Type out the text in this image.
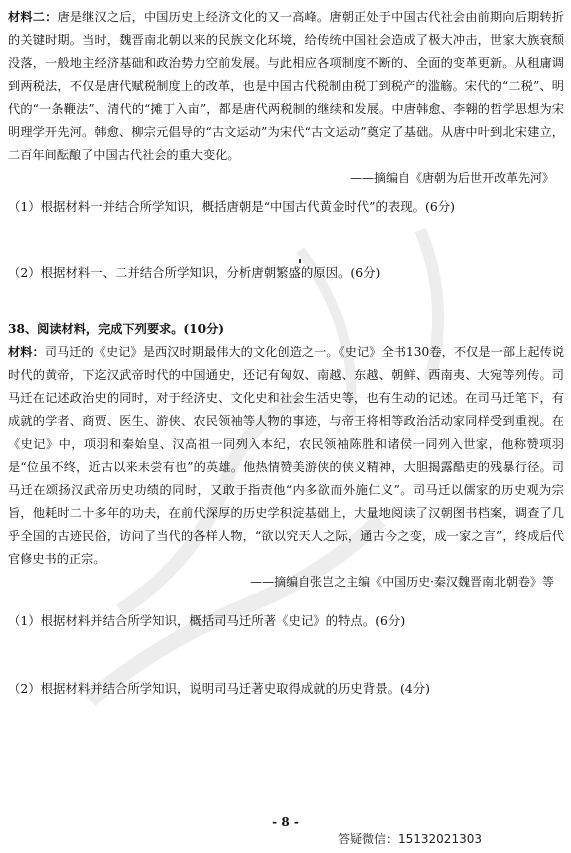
材料二：唐是继汉之后，中国历史上经济文化的又一高峰。唐朝正处于中国古代社会由前期向后期转折的关键时期。当时，魏晋南北朝以来的民族文化环境，给传统中国社会造成了极大冲击，世家大族衰颓没落，一般地主经济基础和政治势力空前发展。与此相应各项制度不断的、全面的变革更新。从租庸调到两税法，不仅是唐代赋税制度上的改革，也是中国古代税制由税丁到税产的滥觞。宋代的“二税”、明代的“一条鞭法”、清代的“摊丁入亩”，都是唐代两税制的继续和发展。中唐韩愈、李翱的哲学思想为宋明理学开先河。韩愈、柳宗元倡导的“古文运动”为宋代“古文运动”奠定了基础。从唐中叶到北宋建立，二百年间酝酿了中国古代社会的重大变化。

——摘编自《唐朝为后世开改革先河》

（1）根据材料一并结合所学知识，概括唐朝是“中国古代黄金时代”的表现。(6分)

（2）根据材料一、二并结合所学知识，分析唐朝繁盛的原因。(6分)

38、阅读材料，完成下列要求。(10分)

材料：司马迁的《史记》是西汉时期最伟大的文化创造之一。《史记》全书130卷，不仅是一部上起传说时代的黄帝，下迄汉武帝时代的中国通史，还记有匈奴、南越、东越、朝鲜、西南夷、大宛等列传。司马迁在记述政治史的同时，对于经济史、文化史和社会生活史等，也有生动的记述。在司马迁笔下，有成就的学者、商贾、医生、游侠、农民领袖等人物的事迹，与帝王将相等政治活动家同样受到重视。在《史记》中，项羽和秦始皇、汉高祖一同列入本纪，农民领袖陈胜和诸侯一同列入世家，他称赞项羽是“位虽不终，近古以来未尝有也”的英雄。他热情赞美游侠的侠义精神，大胆揭露酷吏的残暴行径。司马迁在颂扬汉武帝历史功绩的同时，又敢于指责他“内多欲而外施仁义”。司马迁以儒家的历史观为宗旨，他耗时二十多年的功夫，在前代深厚的历史学积淀基础上，大量地阅读了汉朝图书档案，调查了几乎全国的古迹民俗，访问了当代的各样人物，“欲以究天人之际，通古今之变，成一家之言”，终成后代官修史书的正宗。

——摘编自张岂之主编《中国历史·秦汉魏晋南北朝卷》等

（1）根据材料并结合所学知识，概括司马迁所著《史记》的特点。(6分)

（2）根据材料并结合所学知识，说明司马迁著史取得成就的历史背景。(4分)

- 8 -
答疑微信：15132021303
